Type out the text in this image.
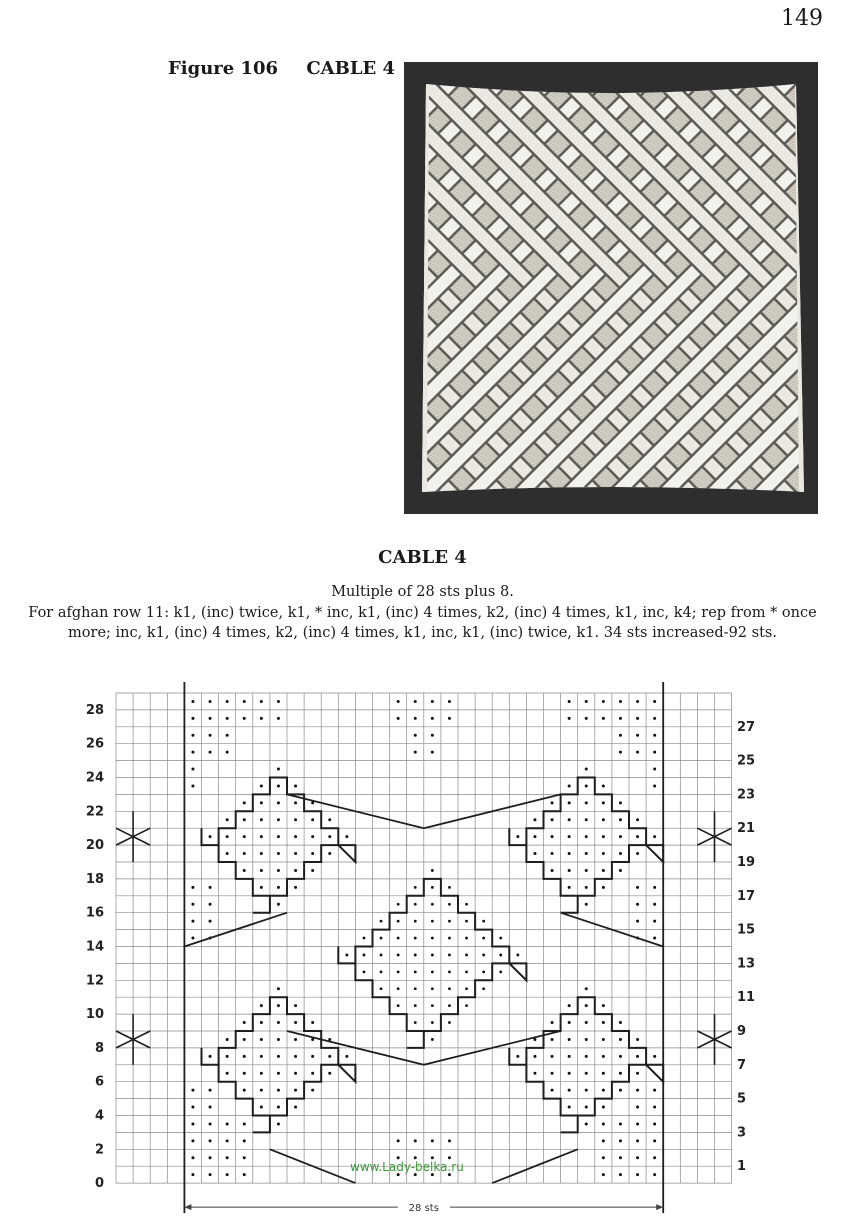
149
Figure 106 CABLE 4
CABLE 4

Multiple of 28 sts plus 8.

For afghan row 11: k1, (inc) twice, k1, * inc, k1, (inc) 4 times, k2, (inc) 4 times, k1, inc, k4; rep from * once more; inc, k1, (inc) 4 times, k2, (inc) 4 times, k1, inc, k1, (inc) twice, k1. 34 sts increased-92 sts.

28
26
24
22
20
18
16
14
12
10
8
6
4
2
0
27
25
23
21
19
17
15
13
11
9
7
5
3
1
www.Lady-belka.ru
28 sts
